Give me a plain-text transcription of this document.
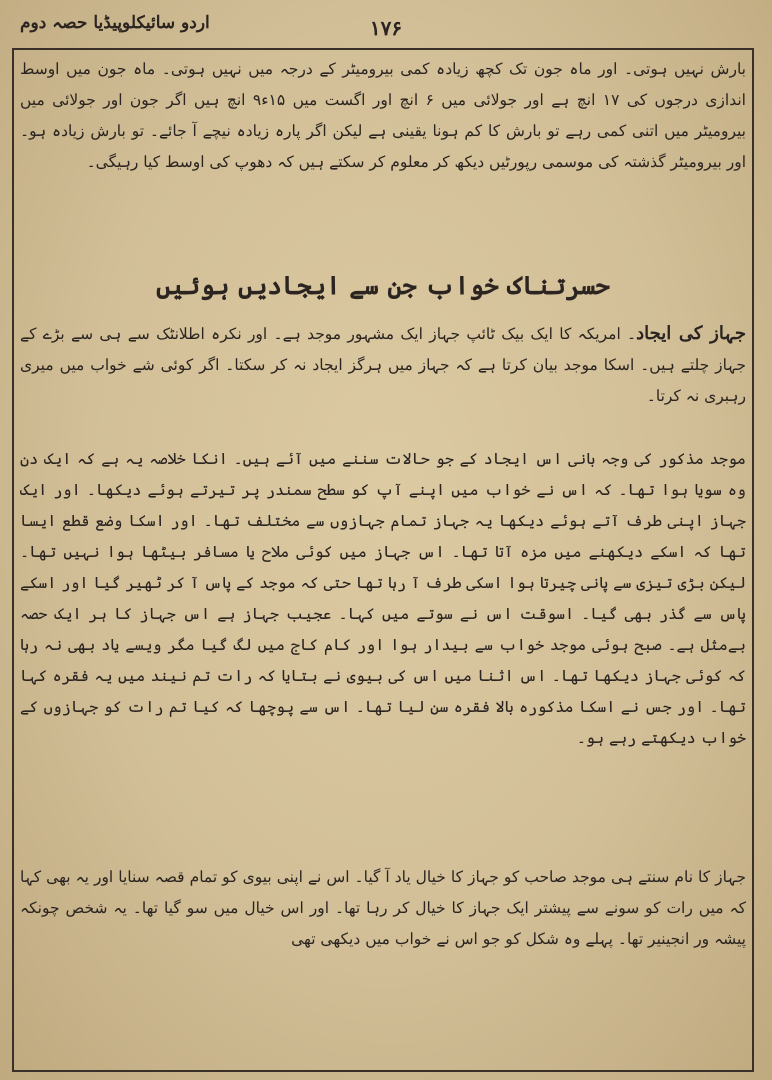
اردو سائیکلوپیڈیا حصہ دوم	۱۷۶

بارش نہیں ہوتی۔ اور ماہ جون تک کچھ زیادہ کمی بیرومیٹر کے درجہ میں نہیں ہوتی۔ ماہ جون میں اوسط اندازی درجوں کی ۱۷ انچ ہے اور جولائی میں ۶ انچ اور اگست میں ۱۵ء۹ انچ ہیں اگر جون اور جولائی میں بیرومیٹر میں اتنی کمی رہے تو بارش کا کم ہونا یقینی ہے لیکن اگر پارہ زیادہ نیچے آ جائے۔ تو بارش زیادہ ہو۔ اور بیرومیٹر گذشتہ کی موسمی رپورٹیں دیکھ کر معلوم کر سکتے ہیں کہ دھوپ کی اوسط کیا رہیگی۔

حسرتناک خواب جن سے ایجادیں ہوئیں

جہاز کی ایجاد۔ امریکہ کا ایک بیک ٹائپ جہاز ایک مشہور موجد ہے۔ اور نکرہ اطلانٹک سے ہی سے بڑے کے جہاز چلتے ہیں۔ اسکا موجد بیان کرتا ہے کہ جہاز میں ہرگز ایجاد نہ کر سکتا۔ اگر کوئی شے خواب میں میری رہبری نہ کرتا۔

موجد مذکور کی وجہ بانی اس ایجاد کے جو حالات سننے میں آئے ہیں۔ انکا خلاصہ یہ ہے کہ ایک دن وہ سویا ہوا تھا۔ کہ اس نے خواب میں اپنے آپ کو سطح سمندر پر تیرتے ہوئے دیکھا۔ اور ایک جہاز اپنی طرف آتے ہوئے دیکھا یہ جہاز تمام جہازوں سے مختلف تھا۔ اور اسکا وضع قطع ایسا تھا کہ اسکے دیکھنے میں مزہ آتا تھا۔ اس جہاز میں کوئی ملاح یا مسافر بیٹھا ہوا نہیں تھا۔ لیکن بڑی تیزی سے پانی چیرتا ہوا اسکی طرف آ رہا تھا حتی کہ موجد کے پاس آ کر ٹھیر گیا اور اسکے پاس سے گذر بھی گیا۔ اسوقت اس نے سوتے میں کہا۔ عجیب جہاز ہے اس جہاز کا ہر ایک حصہ بےمثل ہے۔ صبح ہوئی موجد خواب سے بیدار ہوا اور کام کاج میں لگ گیا مگر ویسے یاد بھی نہ رہا کہ کوئی جہاز دیکھا تھا۔ اس اثنا میں اس کی بیوی نے بتایا کہ رات تم نیند میں یہ فقرہ کہا تھا۔ اور جس نے اسکا مذکورہ بالا فقرہ سن لیا تھا۔ اس سے پوچھا کہ کیا تم رات کو جہازوں کے خواب دیکھتے رہے ہو۔

جہاز کا نام سنتے ہی موجد صاحب کو جہاز کا خیال یاد آ گیا۔ اس نے اپنی بیوی کو تمام قصہ سنایا اور یہ بھی کہا کہ میں رات کو سونے سے پیشتر ایک جہاز کا خیال کر رہا تھا۔ اور اس خیال میں سو گیا تھا۔ یہ شخص چونکہ پیشہ ور انجینیر تھا۔ پہلے وہ شکل کو جو اس نے خواب میں دیکھی تھی
